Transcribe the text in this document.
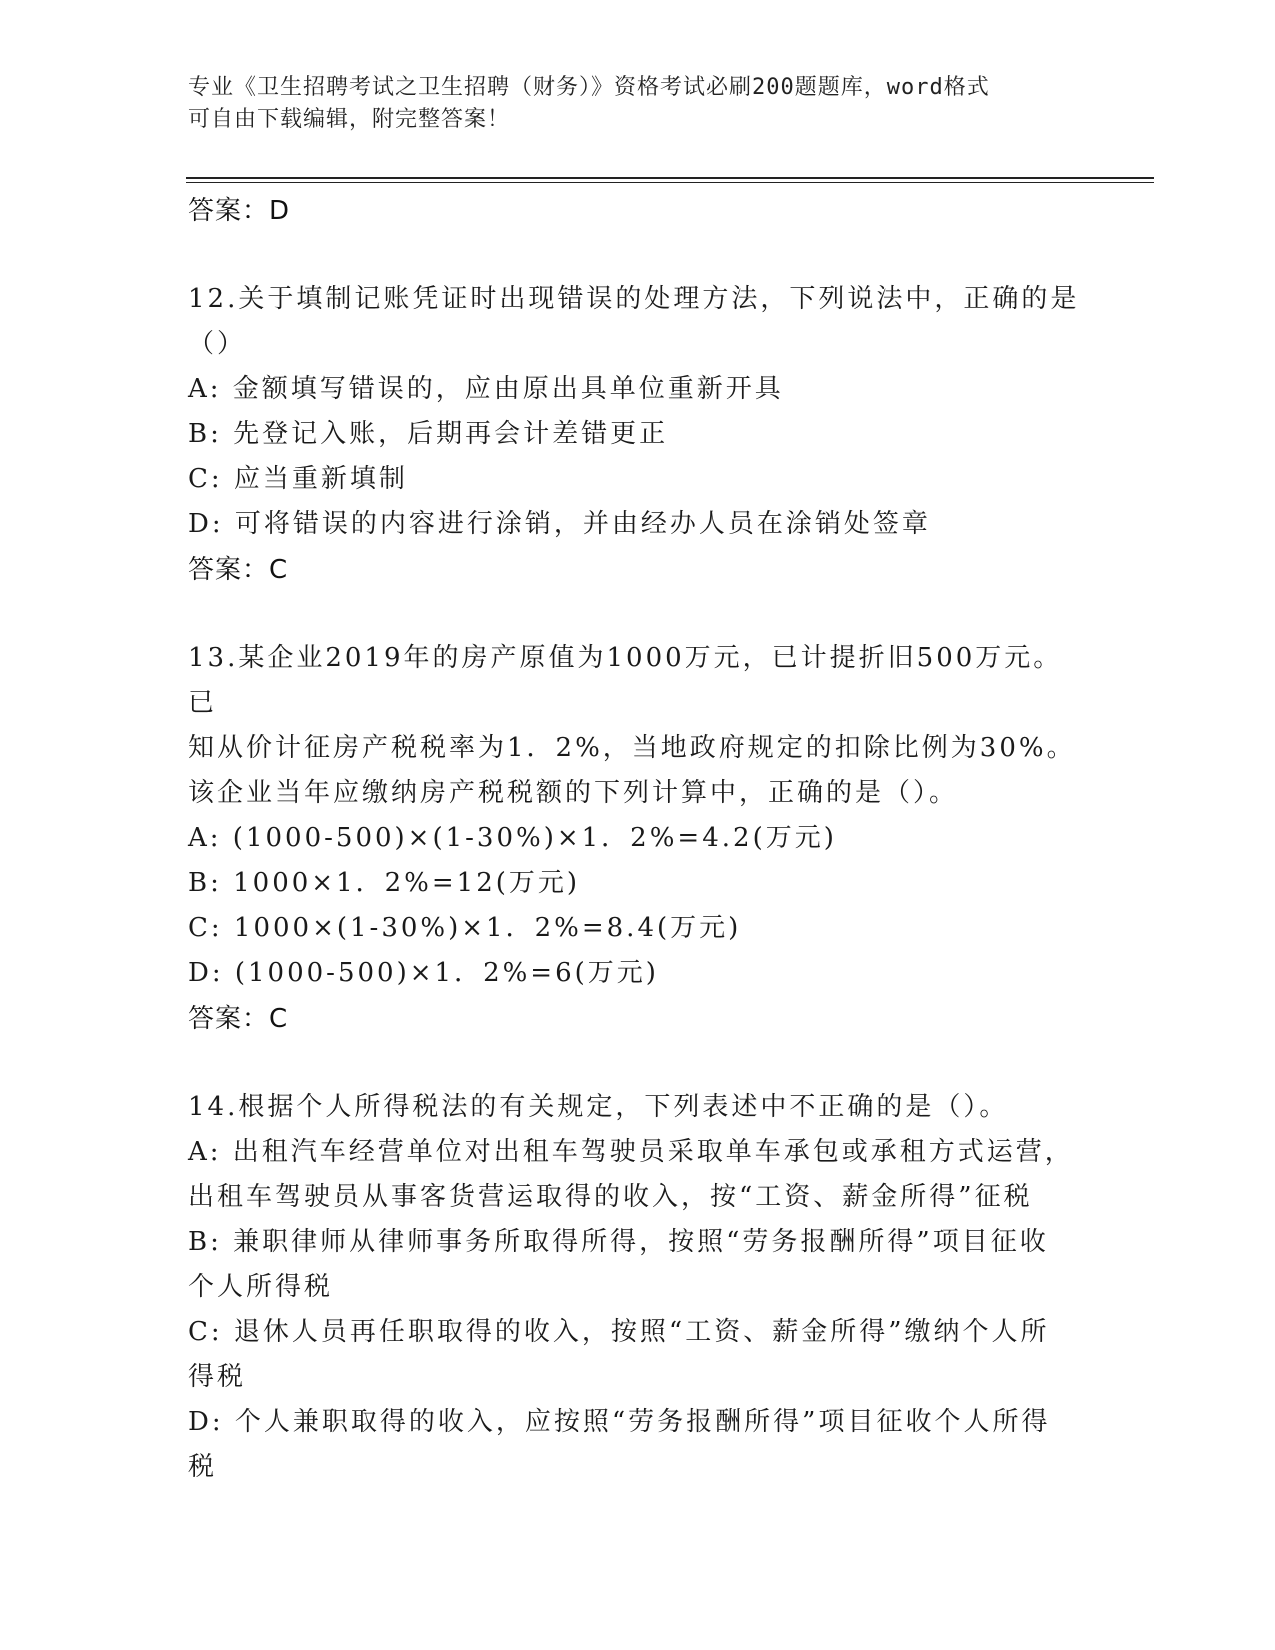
专业《卫生招聘考试之卫生招聘（财务）》资格考试必刷200题题库，word格式
可自由下载编辑，附完整答案！
答案：D
12.关于填制记账凭证时出现错误的处理方法，下列说法中，正确的是
（）
A: 金额填写错误的，应由原出具单位重新开具
B: 先登记入账，后期再会计差错更正
C: 应当重新填制
D: 可将错误的内容进行涂销，并由经办人员在涂销处签章
答案：C
13.某企业2019年的房产原值为1000万元，已计提折旧500万元。已
知从价计征房产税税率为1．2%，当地政府规定的扣除比例为30%。
该企业当年应缴纳房产税税额的下列计算中，正确的是（）。
A: (1000-500)×(1-30%)×1．2%=4.2(万元)
B: 1000×1．2%=12(万元)
C: 1000×(1-30%)×1．2%=8.4(万元)
D: (1000-500)×1．2%=6(万元)
答案：C
14.根据个人所得税法的有关规定，下列表述中不正确的是（）。
A: 出租汽车经营单位对出租车驾驶员采取单车承包或承租方式运营，
出租车驾驶员从事客货营运取得的收入，按“工资、薪金所得”征税
B: 兼职律师从律师事务所取得所得，按照“劳务报酬所得”项目征收
个人所得税
C: 退休人员再任职取得的收入，按照“工资、薪金所得”缴纳个人所
得税
D: 个人兼职取得的收入，应按照“劳务报酬所得”项目征收个人所得
税
